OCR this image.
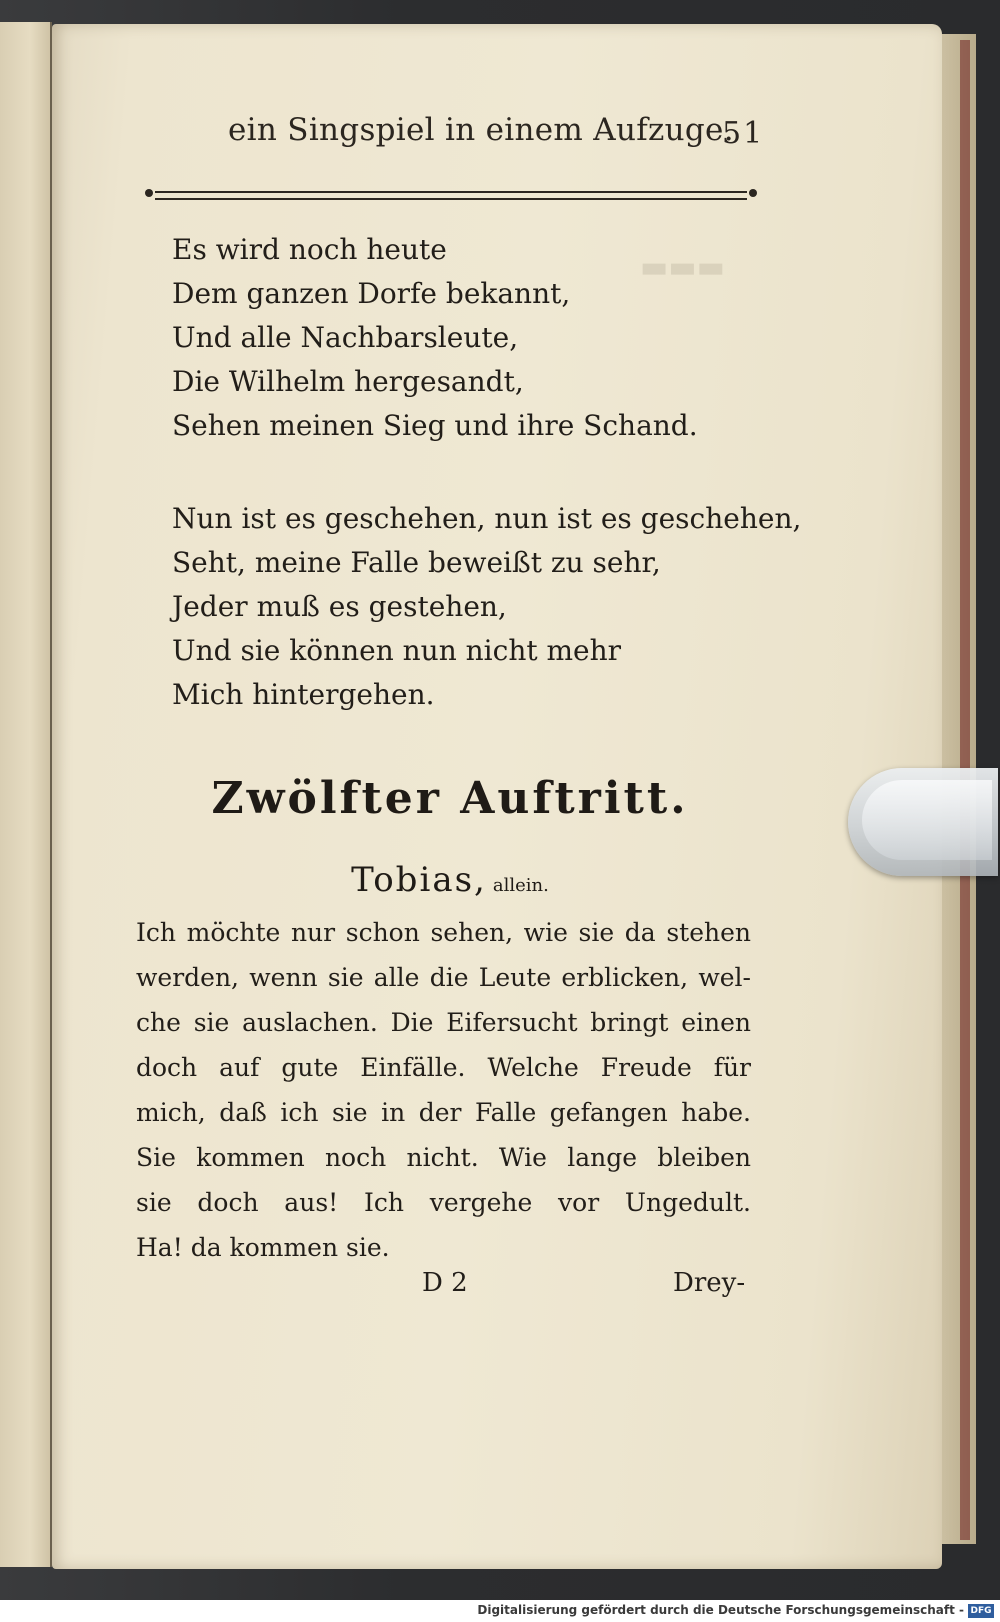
▬▬▬
ein Singspiel in einem Aufzuge.
51
Es wird noch heute
Dem ganzen Dorfe bekannt,
Und alle Nachbarsleute,
Die Wilhelm hergesandt,
Sehen meinen Sieg und ihre Schand.
Nun ist es geschehen, nun ist es geschehen,
Seht, meine Falle beweißt zu sehr,
Jeder muß es gestehen,
Und sie können nun nicht mehr
Mich hintergehen.
Zwölfter Auftritt.
Tobias, allein.
Ich möchte nur schon sehen, wie sie da stehen
werden, wenn sie alle die Leute erblicken, wel-
che sie auslachen. Die Eifersucht bringt einen
doch auf gute Einfälle. Welche Freude für
mich, daß ich sie in der Falle gefangen habe.
Sie kommen noch nicht. Wie lange bleiben
sie doch aus! Ich vergehe vor Ungedult.
Ha! da kommen sie.
D 2	Drey-
Digitalisierung gefördert durch die Deutsche Forschungsgemeinschaft - DFG
